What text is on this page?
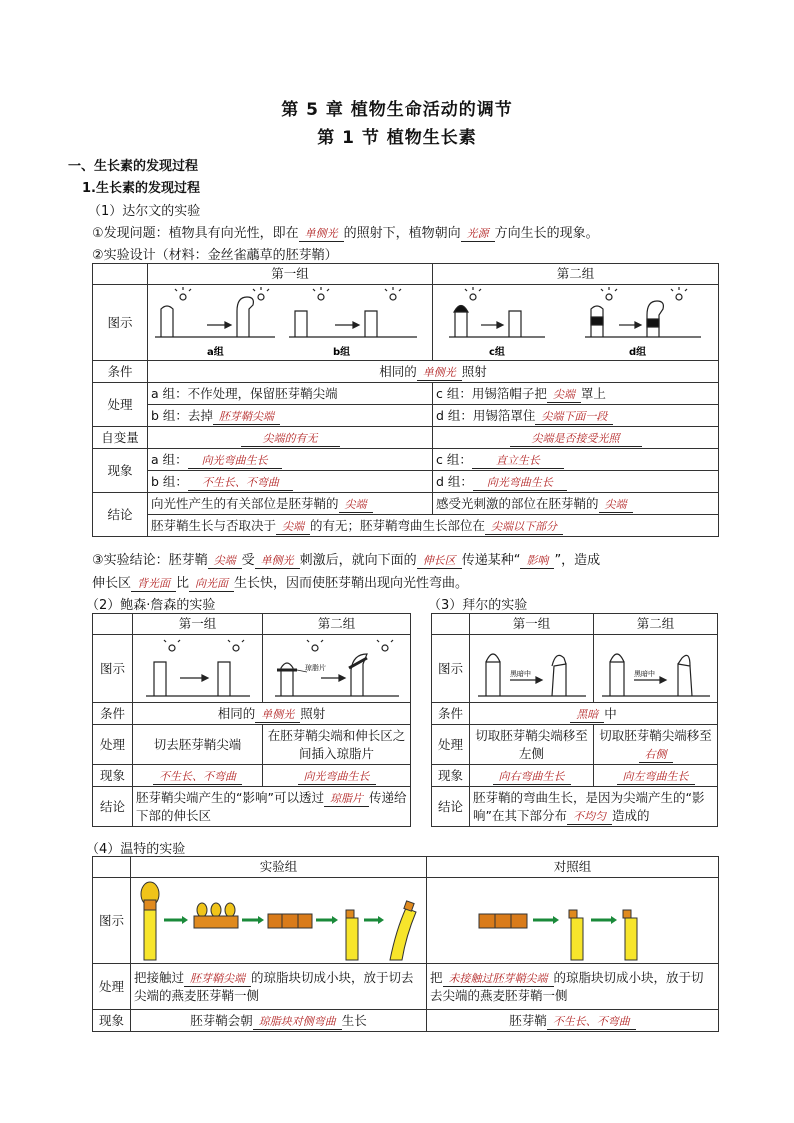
第 5 章 植物生命活动的调节
第 1 节 植物生长素
一、生长素的发现过程
1.生长素的发现过程
（1）达尔文的实验
①发现问题：植物具有向光性，即在 单侧光 的照射下，植物朝向 光源 方向生长的现象。
②实验设计（材料：金丝雀虉草的胚芽鞘）
	第一组	第二组
图示	a组 b组	c组 d组

条件	相同的 单侧光 照射	
处理	a 组：不作处理，保留胚芽鞘尖端	c 组：用锡箔帽子把 尖端 罩上
	b 组：去掉 胚芽鞘尖端	d 组：用锡箔罩住 尖端下面一段
自变量	尖端的有无	尖端是否接受光照
现象	a 组： 向光弯曲生长	c 组： 直立生长
	b 组： 不生长、不弯曲	d 组： 向光弯曲生长
结论	向光性产生的有关部位是胚芽鞘的 尖端	感受光刺激的部位在胚芽鞘的 尖端
	胚芽鞘生长与否取决于 尖端 的有无；胚芽鞘弯曲生长部位在 尖端以下部分	
③实验结论：胚芽鞘 尖端 受 单侧光 刺激后，就向下面的 伸长区 传递某种“ 影响 ”，造成
伸长区 背光面 比 向光面 生长快，因而使胚芽鞘出现向光性弯曲。
（2）鲍森·詹森的实验
	第一组	第二组
图示		琼脂片

条件	相同的 单侧光 照射	
处理	切去胚芽鞘尖端	在胚芽鞘尖端和伸长区之间插入琼脂片
现象	不生长、不弯曲	向光弯曲生长
结论	胚芽鞘尖端产生的“影响”可以透过 琼脂片 传递给下部的伸长区	
（3）拜尔的实验
	第一组	第二组
图示	黑暗中	黑暗中

条件	黑暗 中	
处理	切取胚芽鞘尖端移至左侧	切取胚芽鞘尖端移至右侧
现象	向右弯曲生长	向左弯曲生长
结论	胚芽鞘的弯曲生长，是因为尖端产生的“影响”在其下部分布 不均匀 造成的	
（4）温特的实验
	实验组	对照组
图示	

处理	把接触过 胚芽鞘尖端 的琼脂块切成小块，放于切去尖端的燕麦胚芽鞘一侧	把 未接触过胚芽鞘尖端 的琼脂块切成小块，放于切去尖端的燕麦胚芽鞘一侧
现象	胚芽鞘会朝 琼脂块对侧弯曲 生长	胚芽鞘 不生长、不弯曲
